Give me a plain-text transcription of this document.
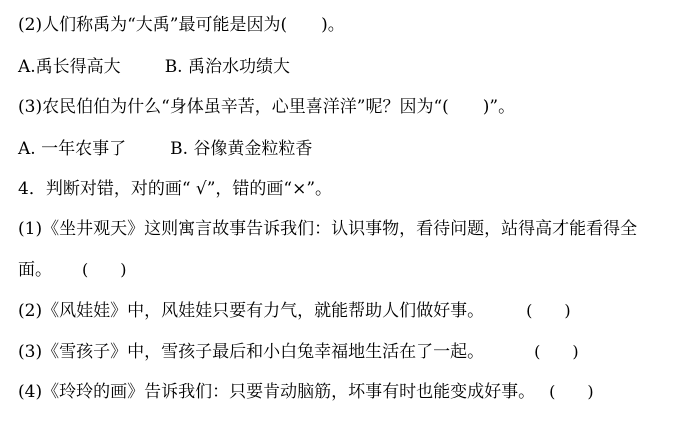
(2)人们称禹为“大禹”最可能是因为(　　)。
A.禹长得高大	B. 禹治水功绩大
(3)农民伯伯为什么“身体虽辛苦，心里喜洋洋”呢？因为“(　　)”。
A. 一年农事了	B. 谷像黄金粒粒香
4．判断对错，对的画“ √”，错的画“×”。
(1)《坐井观天》这则寓言故事告诉我们：认识事物，看待问题，站得高才能看得全
面。 (　　)
(2)《风娃娃》中，风娃娃只要有力气，就能帮助人们做好事。	(　　)
(3)《雪孩子》中，雪孩子最后和小白兔幸福地生活在了一起。	(　　)
(4)《玲玲的画》告诉我们：只要肯动脑筋，坏事有时也能变成好事。 (　　)
